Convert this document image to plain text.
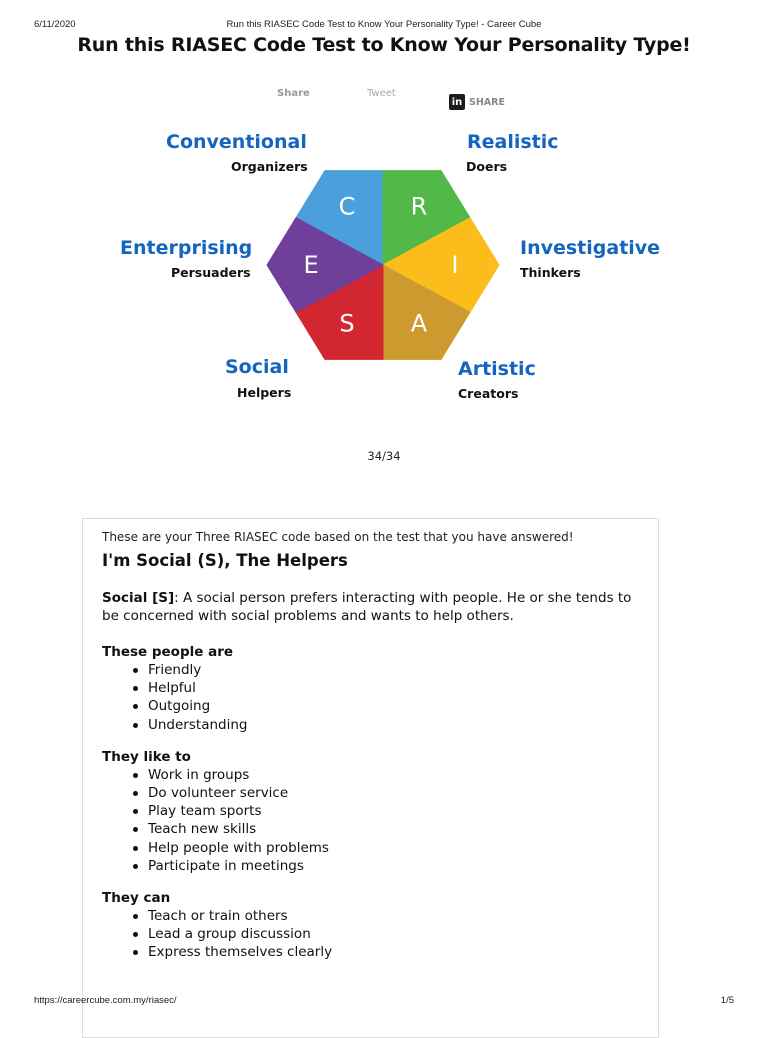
6/11/2020	Run this RIASEC Code Test to Know Your Personality Type! - Career Cube
Run this RIASEC Code Test to Know Your Personality Type!
Share	Tweet
in SHARE
C R
I
A
S
E
Conventional
Organizers
Realistic
Doers
Enterprising
Persuaders
Investigative
Thinkers
Social
Helpers
Artistic
Creators
34/34

These are your Three RIASEC code based on the test that you have answered!

I'm Social (S), The Helpers

Social [S]: A social person prefers interacting with people. He or she tends to be concerned with social problems and wants to help others.

These people are

Friendly
Helpful
Outgoing
Understanding

They like to

Work in groups
Do volunteer service
Play team sports
Teach new skills
Help people with problems
Participate in meetings

They can

Teach or train others
Lead a group discussion
Express themselves clearly
https://careercube.com.my/riasec/	1/5
